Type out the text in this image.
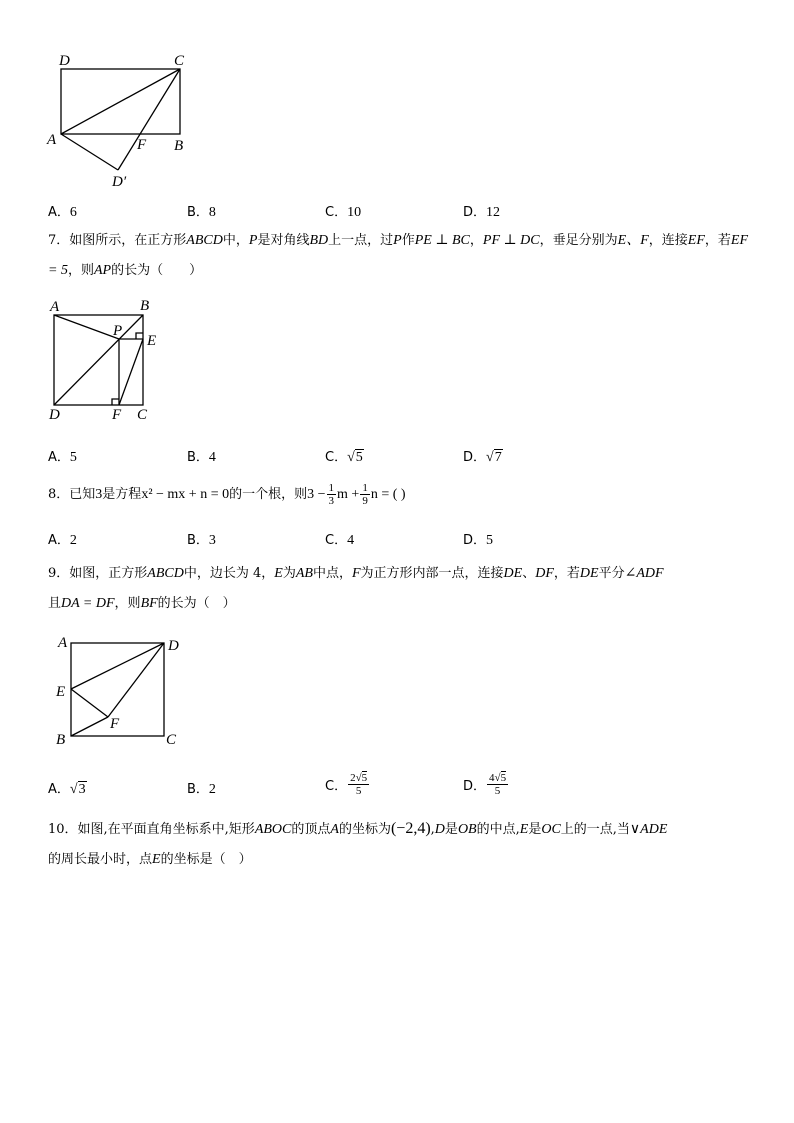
D	C
A	F B
D′
A．6	B．8	C．10	D．12
7．如图所示，在正方形ABCD中，P是对角线BD上一点，过P作PE ⊥ BC，PF ⊥ DC，垂足分别为E、F，连接EF，若EF = 5，则AP的长为（　　）
A	B
P
E
D	F C
A．5	B．4	C．√5	D．√7
8．已知3是方程x² − mx + n = 0的一个根，则$3 - \frac{1}{3}$ $m + \frac{1}{9}$ n = ( )
A．2	B．3	C．4	D．5
9．如图，正方形ABCD中，边长为 4，E为AB中点，F为正方形内部一点，连接DE、DF，若DE平分∠ADF
且DA = DF，则BF的长为（　）
A	D
E
F
B	C
A．√3	B．2	C． $\frac{2√5}{5}$	D． $\frac{4√5}{5}$
10．如图,在平面直角坐标系中,矩形ABOC的顶点A的坐标为(−2,4),D是OB的中点,E是OC上的一点,当∨ADE
的周长最小时，点E的坐标是（　）
